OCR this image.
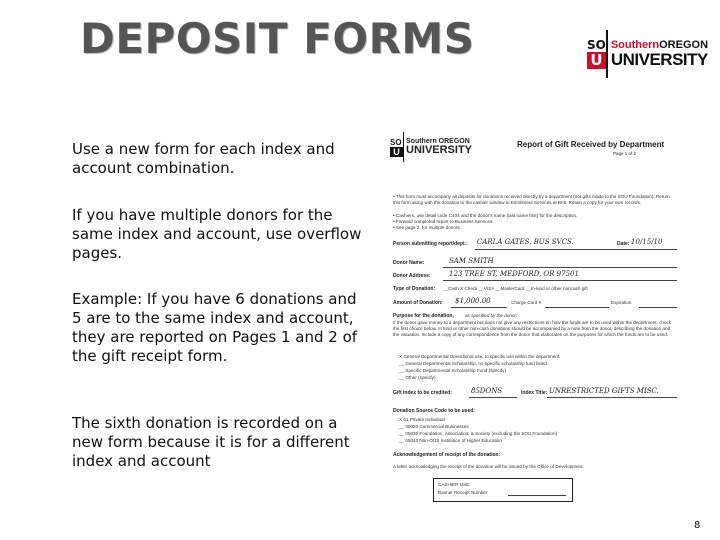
DEPOSIT FORMS	SO
U
SouthernOREGON
UNIVERSITY
Use a new form for each index and account combination.
If you have multiple donors for the same index and account, use overflow pages.
Example: If you have 6 donations and 5 are to the same index and account, they are reported on Pages 1 and 2 of the gift receipt form.
The sixth donation is recorded on a new form because it is for a different index and account
SO
U
Southern OREGON
UNIVERSITY	Report of Gift Received by Department
Page 1 of 2
• This form must accompany all deposits for donations received directly by a department (not gifts made to the SOU Foundation). Return this form along with the donation to the cashier window in Enrollment Services at Britt. Retain a copy for your own records.
• Cashiers, use detail code C404 and the donor's name (last name first) for the description.
• Forward completed report to Business Services.
• See page 2, for multiple donors.
Person submitting report/dept.: CARLA GATES, BUS SVCS.	Date: 10/15/10
Donor Name:	SAM SMITH
Donor Address:	123 TREE ST, MEDFORD, OR 97501
Type of Donation: __Cash X Check __VISA __MasterCard __In-kind or other noncash gift
Amount of Donation: $1,000.00	Charge Card #	Expiration
Purpose for the donation, as specified by the donor:
If the donor gave money to a department but does not give any restrictions on how the funds are to be used within the department, check the first choice below. In kind or other non-cash donations should be accompanied by a note from the donor, describing the donation and the valuation. Include a copy of any correspondence from the donor that elaborates on the purposes for which the funds are to be used.
X General Departmental Operational use, to specific use within the department.
__ General Departmental Scholarship, no specific scholarship fund listed.
__ Specific Departmental Scholarship Fund (specify)
__ Other (specify)
Gift index to be credited:	85DONS	Index Title: UNRESTRICTED GIFTS MISC.
Donation Source Code to be used:
X 01 Private Individual
__ 05020 Commercial Businesses
__ 05030 Foundation, Association, & Society (excluding the SOU Foundation)
__ 05040 Non-OUS Institution of Higher Education
Acknowledgement of receipt of the donation:
A letter acknowledging the receipt of the donation will be issued by the Office of Development.
CASHIER USE:
Banner Receipt Number
8
